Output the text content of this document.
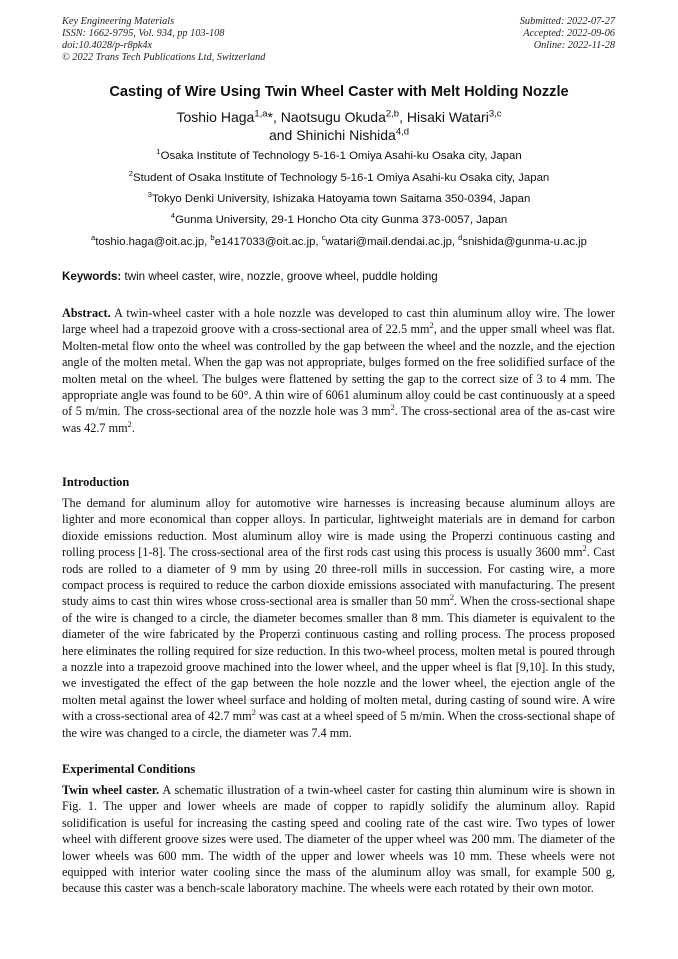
Key Engineering Materials
ISSN: 1662-9795, Vol. 934, pp 103-108
doi:10.4028/p-r8pk4x
© 2022 Trans Tech Publications Ltd, Switzerland
Submitted: 2022-07-27
Accepted: 2022-09-06
Online: 2022-11-28
Casting of Wire Using Twin Wheel Caster with Melt Holding Nozzle
Toshio Haga$^{1,a}$*, Naotsugu Okuda$^{2,b}$, Hisaki Watari$^{3,c}$
and Shinichi Nishida$^{4,d}$
$^1$Osaka Institute of Technology 5-16-1 Omiya Asahi-ku Osaka city, Japan
$^2$Student of Osaka Institute of Technology 5-16-1 Omiya Asahi-ku Osaka city, Japan
$^3$Tokyo Denki University, Ishizaka Hatoyama town Saitama 350-0394, Japan
$^4$Gunma University, 29-1 Honcho Ota city Gunma 373-0057, Japan
$^a$toshio.haga@oit.ac.jp, $^b$e1417033@oit.ac.jp, $^c$watari@mail.dendai.ac.jp, $^d$snishida@gunma-u.ac.jp
Keywords: twin wheel caster, wire, nozzle, groove wheel, puddle holding
Abstract. A twin-wheel caster with a hole nozzle was developed to cast thin aluminum alloy wire. The lower large wheel had a trapezoid groove with a cross-sectional area of 22.5 $mm^2$, and the upper small wheel was flat. Molten-metal flow onto the wheel was controlled by the gap between the wheel and the nozzle, and the ejection angle of the molten metal. When the gap was not appropriate, bulges formed on the free solidified surface of the molten metal on the wheel. The bulges were flattened by setting the gap to the correct size of 3 to 4 mm. The appropriate angle was found to be 60°. A thin wire of 6061 aluminum alloy could be cast continuously at a speed of 5 m/min. The cross-sectional area of the nozzle hole was 3 $mm^2$. The cross-sectional area of the as-cast wire was 42.7 $mm^2$.
Introduction
The demand for aluminum alloy for automotive wire harnesses is increasing because aluminum alloys are lighter and more economical than copper alloys. In particular, lightweight materials are in demand for carbon dioxide emissions reduction. Most aluminum alloy wire is made using the Properzi continuous casting and rolling process [1-8]. The cross-sectional area of the first rods cast using this process is usually 3600 $mm^2$. Cast rods are rolled to a diameter of 9 mm by using 20 three-roll mills in succession. For casting wire, a more compact process is required to reduce the carbon dioxide emissions associated with manufacturing. The present study aims to cast thin wires whose cross-sectional area is smaller than 50 $mm^2$. When the cross-sectional shape of the wire is changed to a circle, the diameter becomes smaller than 8 mm. This diameter is equivalent to the diameter of the wire fabricated by the Properzi continuous casting and rolling process. The process proposed here eliminates the rolling required for size reduction. In this two-wheel process, molten metal is poured through a nozzle into a trapezoid groove machined into the lower wheel, and the upper wheel is flat [9,10]. In this study, we investigated the effect of the gap between the hole nozzle and the lower wheel, the ejection angle of the molten metal against the lower wheel surface and holding of molten metal, during casting of sound wire. A wire with a cross-sectional area of 42.7 $mm^2$ was cast at a wheel speed of 5 m/min. When the cross-sectional shape of the wire was changed to a circle, the diameter was 7.4 mm.
Experimental Conditions
Twin wheel caster. A schematic illustration of a twin-wheel caster for casting thin aluminum wire is shown in Fig. 1. The upper and lower wheels are made of copper to rapidly solidify the aluminum alloy. Rapid solidification is useful for increasing the casting speed and cooling rate of the cast wire. Two types of lower wheel with different groove sizes were used. The diameter of the upper wheel was 200 mm. The diameter of the lower wheels was 600 mm. The width of the upper and lower wheels was 10 mm. These wheels were not equipped with interior water cooling since the mass of the aluminum alloy was small, for example 500 g, because this caster was a bench-scale laboratory machine. The wheels were each rotated by their own motor.
